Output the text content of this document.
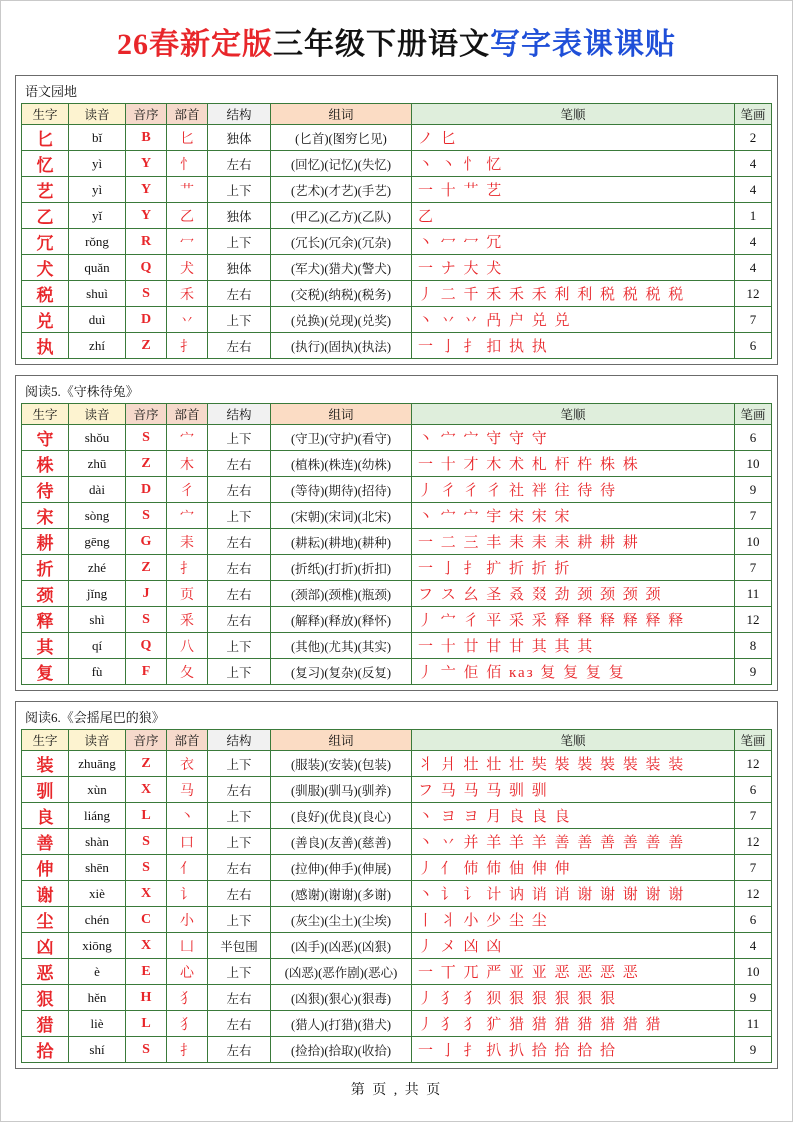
26春新定版三年级下册语文写字表课课贴
语文园地
生字	读音	音序	部首	结构	组词	笔顺	笔画
匕	bǐ	B	匕	独体	(匕首)(图穷匕见)	ノ 匕	2
忆	yì	Y	忄	左右	(回忆)(记忆)(失忆)	丶 丶 忄 忆	4
艺	yì	Y	艹	上下	(艺术)(才艺)(手艺)	一 十 艹 艺	4
乙	yǐ	Y	乙	独体	(甲乙)(乙方)(乙队)	乙	1
冗	rǒng	R	冖	上下	(冗长)(冗余)(冗杂)	丶 冖 冖 冗	4
犬	quǎn	Q	犬	独体	(军犬)(猎犬)(警犬)	一 ナ 大 犬	4
税	shuì	S	禾	左右	(交税)(纳税)(税务)	丿 二 千 禾 禾 禾 利 利 税 税 税 税	12
兑	duì	D	丷	上下	(兑换)(兑现)(兑奖)	丶 丷 丷 冎 户 兑 兑	7
执	zhí	Z	扌	左右	(执行)(固执)(执法)	一 亅 扌 扣 执 执	6
阅读5.《守株待兔》
生字	读音	音序	部首	结构	组词	笔顺	笔画
守	shǒu	S	宀	上下	(守卫)(守护)(看守)	丶 宀 宀 守 守 守	6
株	zhū	Z	木	左右	(植株)(株连)(幼株)	一 十 才 木 术 札 杆 杵 株 株	10
待	dài	D	彳	左右	(等待)(期待)(招待)	丿 彳 彳 彳 社 袢 往 待 待	9
宋	sòng	S	宀	上下	(宋朝)(宋词)(北宋)	丶 宀 宀 宇 宋 宋 宋	7
耕	gēng	G	耒	左右	(耕耘)(耕地)(耕种)	一 二 三 丰 耒 耒 耒 耕 耕 耕	10
折	zhé	Z	扌	左右	(折纸)(打折)(折扣)	一 亅 扌 扩 折 折 折	7
颈	jǐng	J	页	左右	(颈部)(颈椎)(瓶颈)	フ ス 幺 圣 叒 叕 劲 颈 颈 颈 颈	11
释	shì	S	釆	左右	(解释)(释放)(释怀)	丿 宀 彳 平 采 采 释 释 释 释 释 释	12
其	qí	Q	八	上下	(其他)(尤其)(其实)	一 十 廿 甘 甘 其 其 其	8
复	fù	F	夂	上下	(复习)(复杂)(反复)	丿 亠 佢 佰 каз 复 复 复 复	9
阅读6.《会摇尾巴的狼》
生字	读音	音序	部首	结构	组词	笔顺	笔画
装	zhuāng	Z	衣	上下	(服装)(安装)(包装)	丬 爿 壮 壮 壮 奘 裝 裝 裝 裝 装 装	12
驯	xùn	X	马	左右	(驯服)(驯马)(驯养)	フ 马 马 马 驯 驯	6
良	liáng	L	丶	上下	(良好)(优良)(良心)	丶 ヨ ヨ 月 良 良 良	7
善	shàn	S	口	上下	(善良)(友善)(慈善)	丶 丷 并 羊 羊 羊 善 善 善 善 善 善	12
伸	shēn	S	亻	左右	(拉伸)(伸手)(伸展)	丿 亻 伂 伂 伷 伸 伸	7
谢	xiè	X	讠	左右	(感谢)(谢谢)(多谢)	丶 讠 讠 计 讷 诮 诮 谢 谢 谢 谢 谢	12
尘	chén	C	小	上下	(灰尘)(尘土)(尘埃)	丨 丬 小 少 尘 尘	6
凶	xiōng	X	凵	半包围	(凶手)(凶恶)(凶狠)	丿 メ 凶 凶	4
恶	è	E	心	上下	(凶恶)(恶作剧)(恶心)	一 丅 兀 严 亚 亚 恶 恶 恶 恶	10
狠	hěn	H	犭	左右	(凶狠)(狠心)(狠毒)	丿 犭 犭 狈 狠 狠 狠 狠 狠	9
猎	liè	L	犭	左右	(猎人)(打猎)(猎犬)	丿 犭 犭 犷 猎 猎 猎 猎 猎 猎 猎	11
拾	shí	S	扌	左右	(捡拾)(拾取)(收拾)	一 亅 扌 扒 扒 拾 拾 拾 拾	9
第 页 , 共 页
